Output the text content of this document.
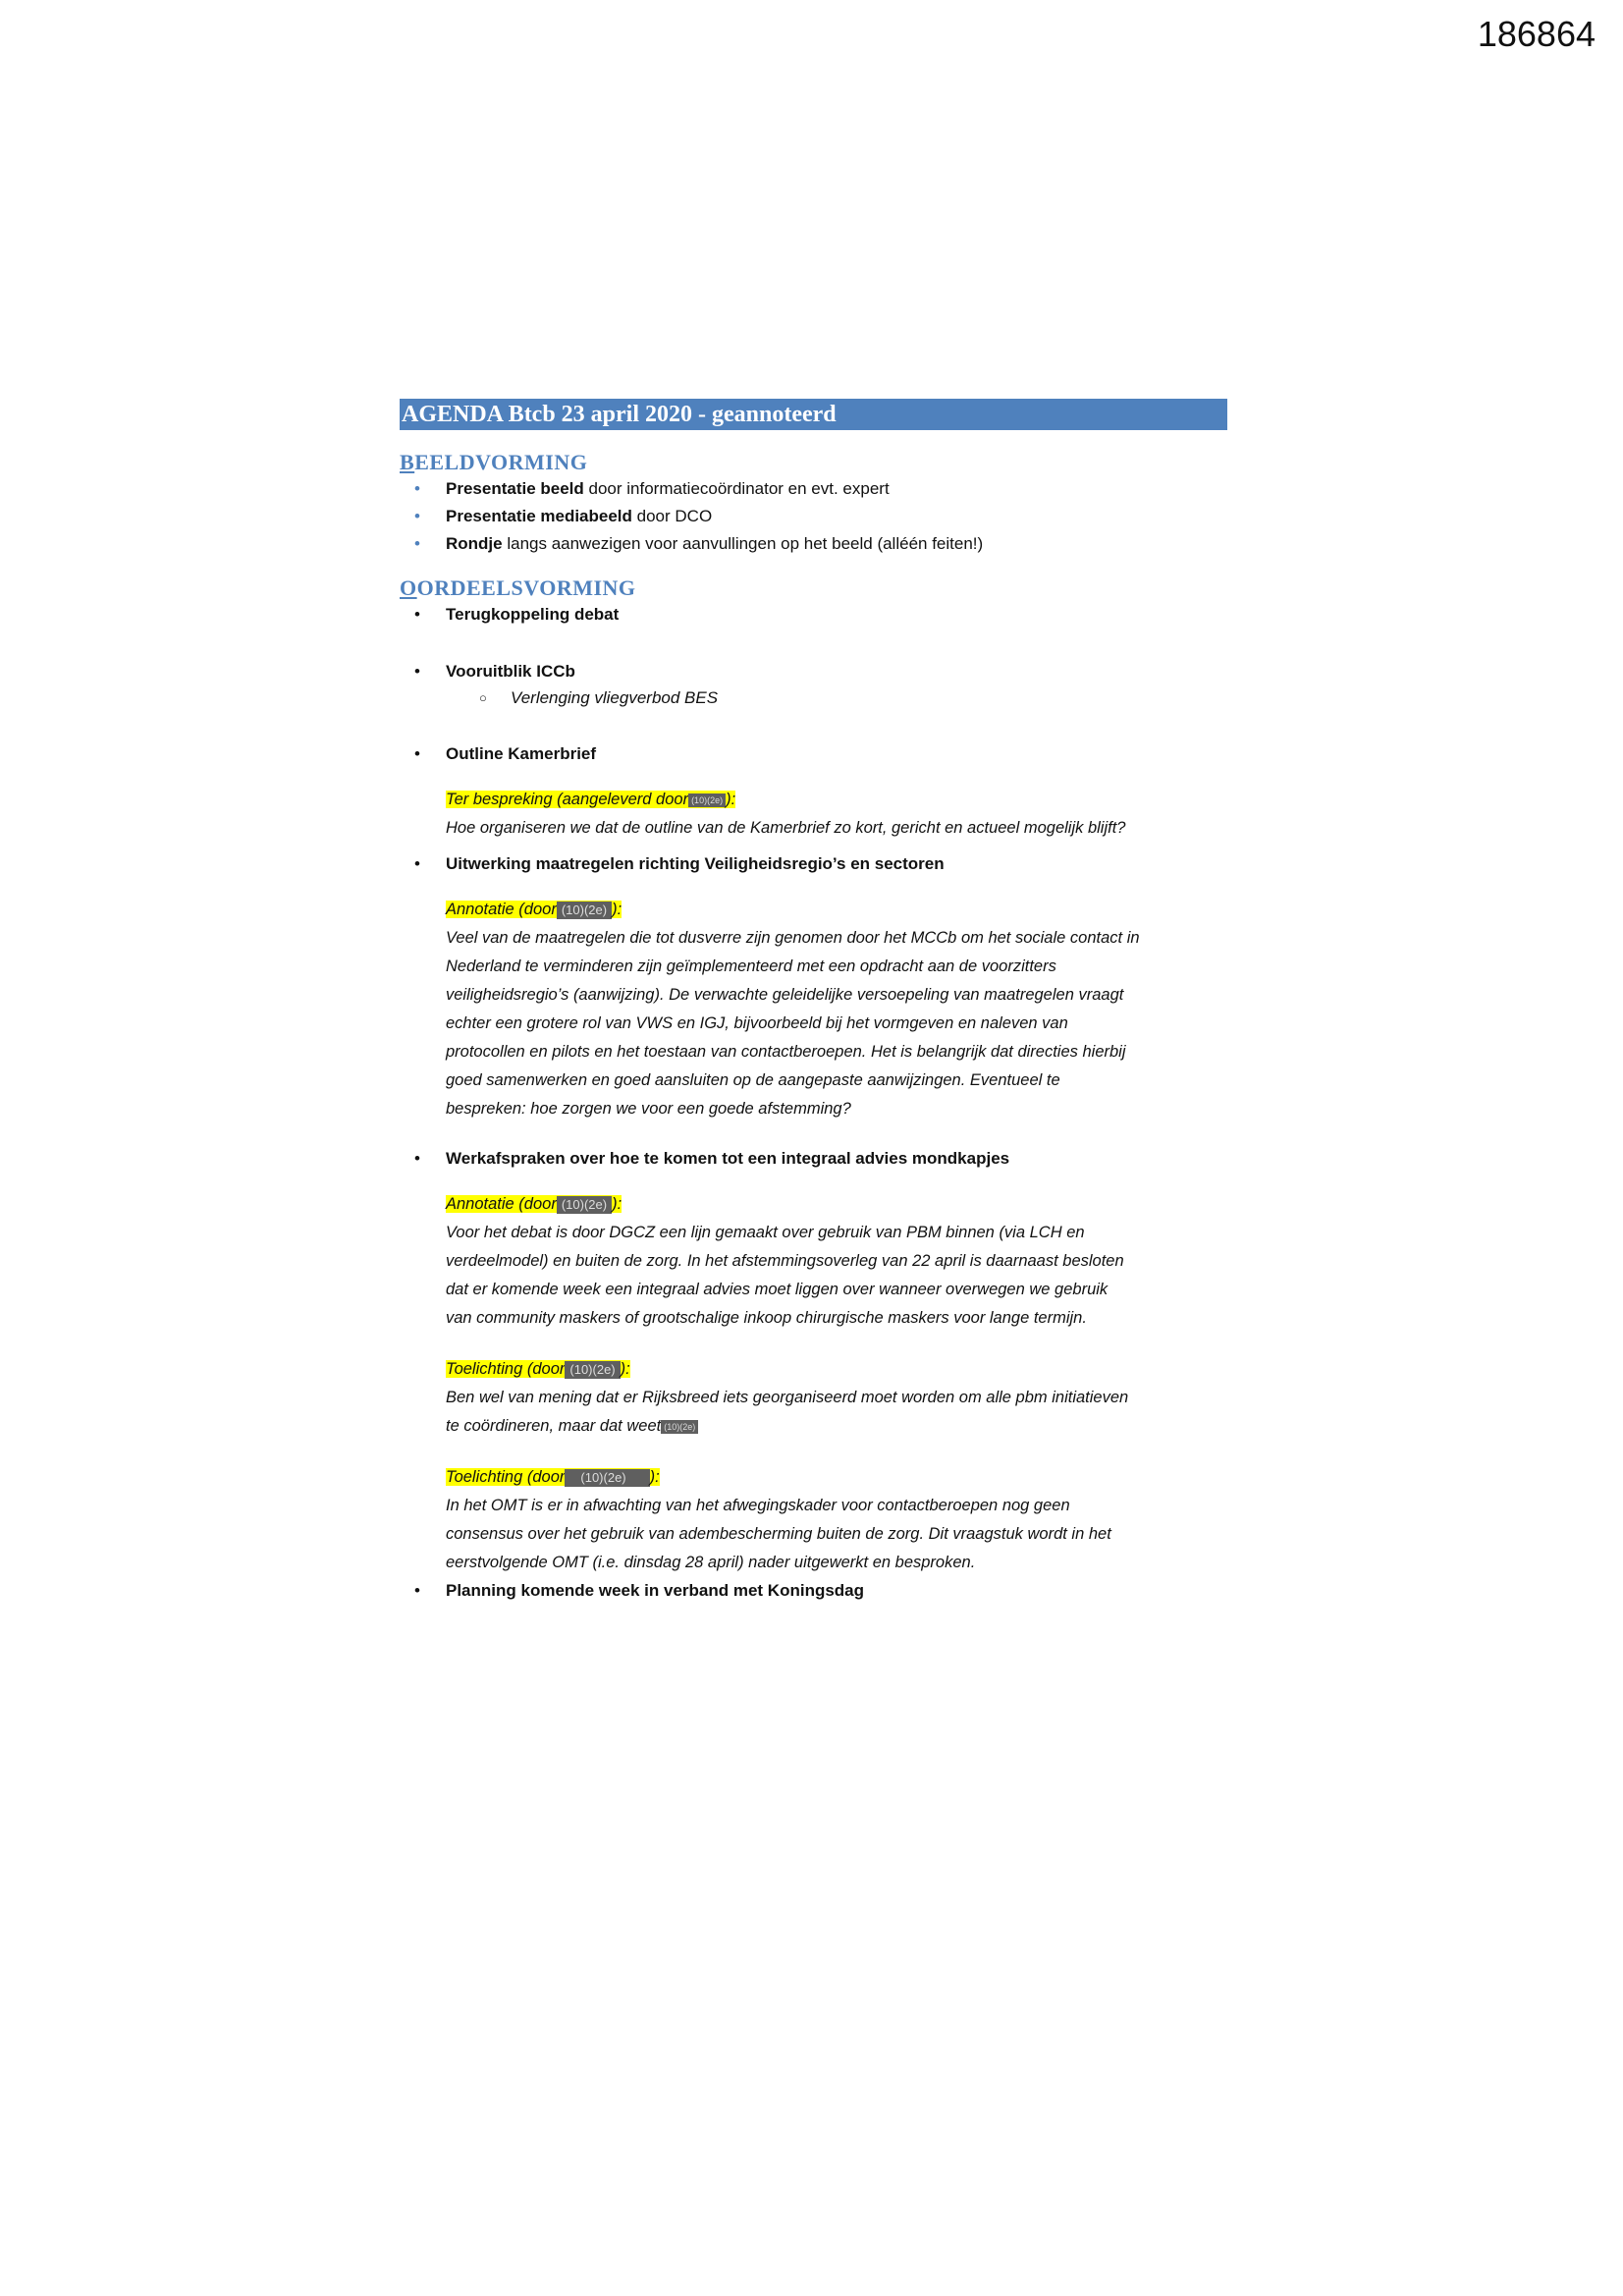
186864
AGENDA Btcb 23 april 2020 - geannoteerd
BEELDVORMING
• Presentatie beeld door informatiecoördinator en evt. expert
• Presentatie mediabeeld door DCO
• Rondje langs aanwezigen voor aanvullingen op het beeld (alléén feiten!)
OORDEELSVORMING
• Terugkoppeling debat
• Vooruitblik ICCb
○ Verlenging vliegverbod BES
• Outline Kamerbrief
Ter bespreking (aangeleverd door (10)(2e) ):
Hoe organiseren we dat de outline van de Kamerbrief zo kort, gericht en actueel mogelijk blijft?
• Uitwerking maatregelen richting Veiligheidsregio’s en sectoren
Annotatie (door (10)(2e) ):
Veel van de maatregelen die tot dusverre zijn genomen door het MCCb om het sociale contact in
Nederland te verminderen zijn geïmplementeerd met een opdracht aan de voorzitters
veiligheidsregio’s (aanwijzing). De verwachte geleidelijke versoepeling van maatregelen vraagt
echter een grotere rol van VWS en IGJ, bijvoorbeeld bij het vormgeven en naleven van
protocollen en pilots en het toestaan van contactberoepen. Het is belangrijk dat directies hierbij
goed samenwerken en goed aansluiten op de aangepaste aanwijzingen. Eventueel te
bespreken: hoe zorgen we voor een goede afstemming?
• Werkafspraken over hoe te komen tot een integraal advies mondkapjes
Annotatie (door (10)(2e) ):
Voor het debat is door DGCZ een lijn gemaakt over gebruik van PBM binnen (via LCH en
verdeelmodel) en buiten de zorg. In het afstemmingsoverleg van 22 april is daarnaast besloten
dat er komende week een integraal advies moet liggen over wanneer overwegen we gebruik
van community maskers of grootschalige inkoop chirurgische maskers voor lange termijn.
Toelichting (door (10)(2e) ):
Ben wel van mening dat er Rijksbreed iets georganiseerd moet worden om alle pbm initiatieven
te coördineren, maar dat weet (10)(2e)
Toelichting (door (10)(2e) ):
In het OMT is er in afwachting van het afwegingskader voor contactberoepen nog geen
consensus over het gebruik van adembescherming buiten de zorg. Dit vraagstuk wordt in het
eerstvolgende OMT (i.e. dinsdag 28 april) nader uitgewerkt en besproken.
• Planning komende week in verband met Koningsdag
